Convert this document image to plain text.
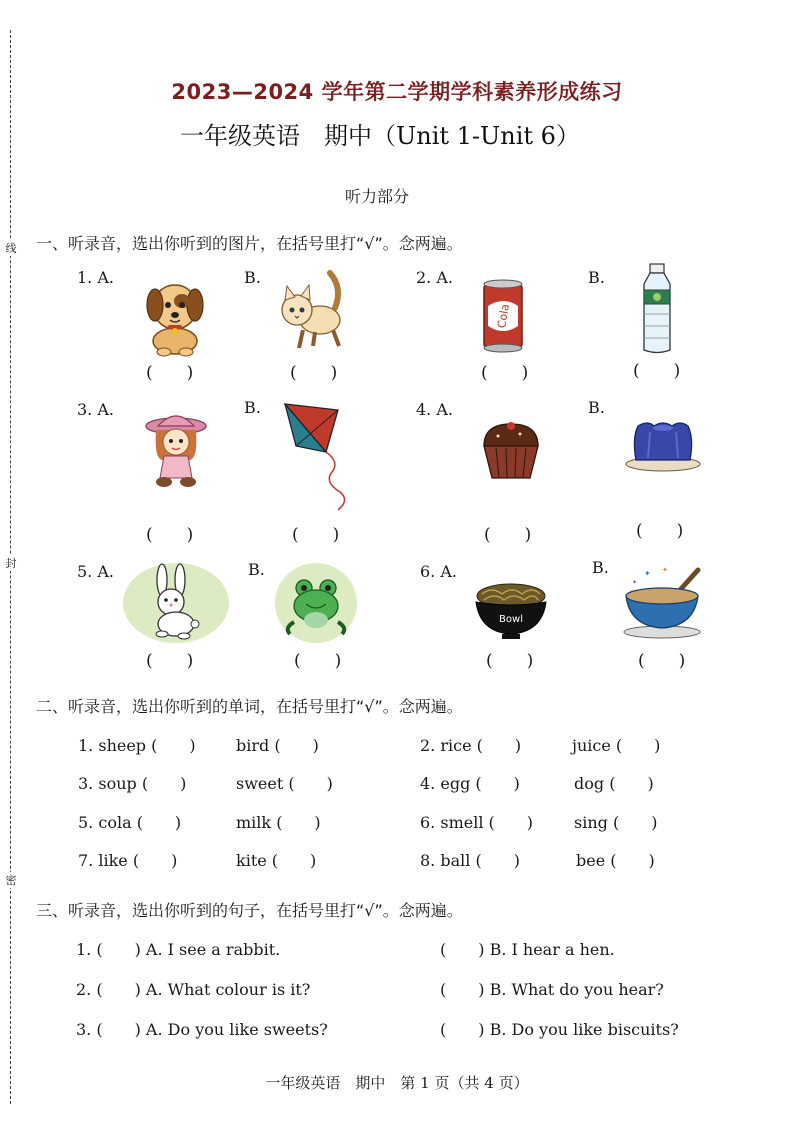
线
封
密
2023—2024 学年第二学期学科素养形成练习
一年级英语　期中（Unit 1-Unit 6）
听力部分
一、听录音，选出你听到的图片，在括号里打“√”。念两遍。
1. A.	B.	2. A.	B.
Cola
(　　)	(　　)	(　　)	(　　)
3. A.	B.	4. A.	B.
(　　)	(　　)	(　　)	(　　)
5. A.	B.	6. A.	B.
Bowl
✦ ✦
✦
(　　)	(　　)	(　　)	(　　)
二、听录音，选出你听到的单词，在括号里打“√”。念两遍。
1. sheep (　　)	bird (　　)	2. rice (　　)	juice (　　)
3. soup (　　)	sweet (　　)	4. egg (　　)	dog (　　)
5. cola (　　)	milk (　　)	6. smell (　　)	sing (　　)
7. like (　　)	kite (　　)	8. ball (　　)	bee (　　)
三、听录音，选出你听到的句子，在括号里打“√”。念两遍。
1. (　　) A. I see a rabbit.	(　　) B. I hear a hen.
2. (　　) A. What colour is it?	(　　) B. What do you hear?
3. (　　) A. Do you like sweets?	(　　) B. Do you like biscuits?
一年级英语　期中　第 1 页（共 4 页）
